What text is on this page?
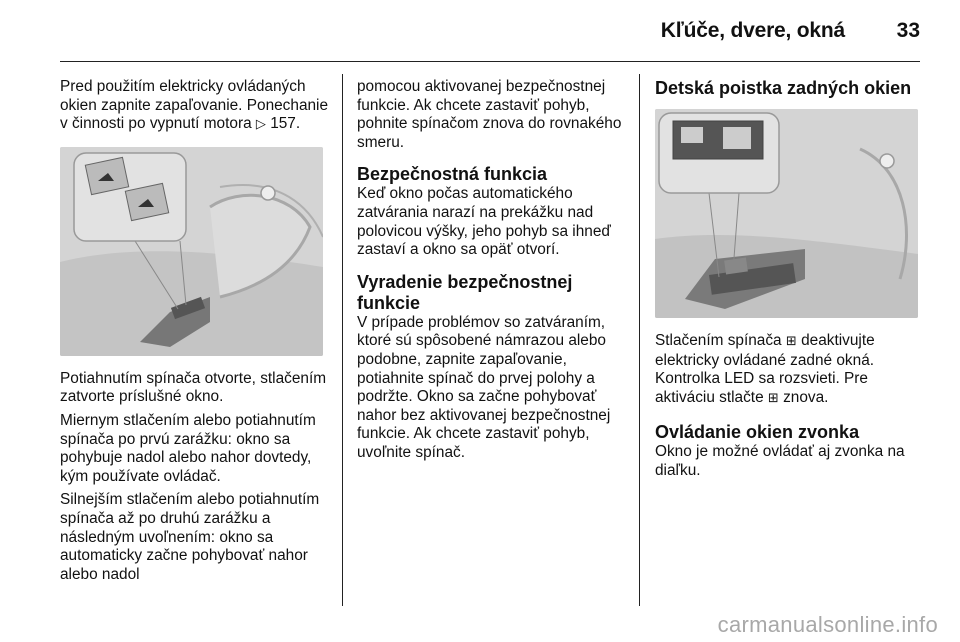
Kľúče, dvere, okná	33

Pred použitím elektricky ovládaných okien zapnite zapaľovanie. Ponechanie v činnosti po vypnutí motora ▷ 157.

Potiahnutím spínača otvorte, stlačením zatvorte príslušné okno.

Miernym stlačením alebo potiahnutím spínača po prvú zarážku: okno sa pohybuje nadol alebo nahor dovtedy, kým používate ovládač.

Silnejším stlačením alebo potiahnutím spínača až po druhú zarážku a následným uvoľnením: okno sa automaticky začne pohybovať nahor alebo nadol

pomocou aktivovanej bezpečnostnej funkcie. Ak chcete zastaviť pohyb, pohnite spínačom znova do rovnakého smeru.

Bezpečnostná funkcia

Keď okno počas automatického zatvárania narazí na prekážku nad polovicou výšky, jeho pohyb sa ihneď zastaví a okno sa opäť otvorí.

Vyradenie bezpečnostnej funkcie

V prípade problémov so zatváraním, ktoré sú spôsobené námrazou alebo podobne, zapnite zapaľovanie, potiahnite spínač do prvej polohy a podržte. Okno sa začne pohybovať nahor bez aktivovanej bezpečnostnej funkcie. Ak chcete zastaviť pohyb, uvoľnite spínač.

Detská poistka zadných okien

Stlačením spínača ⊞ deaktivujte elektricky ovládané zadné okná. Kontrolka LED sa rozsvieti. Pre aktiváciu stlačte ⊞ znova.

Ovládanie okien zvonka

Okno je možné ovládať aj zvonka na diaľku.

carmanualsonline.info
